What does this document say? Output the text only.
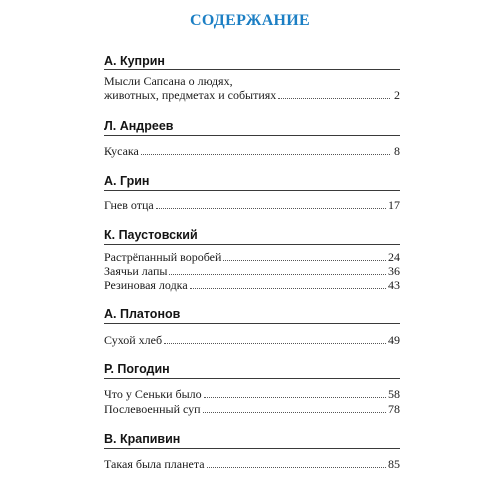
СОДЕРЖАНИЕ
А. Куприн
Мысли Сапсана о людях,
животных, предметах и событиях	2
Л. Андреев
Кусака	8
А. Грин
Гнев отца	17
К. Паустовский
Растрёпанный воробей	24
Заячьи лапы	36
Резиновая лодка	43
А. Платонов
Сухой хлеб	49
Р. Погодин
Что у Сеньки было	58
Послевоенный суп	78
В. Крапивин
Такая была планета	85
